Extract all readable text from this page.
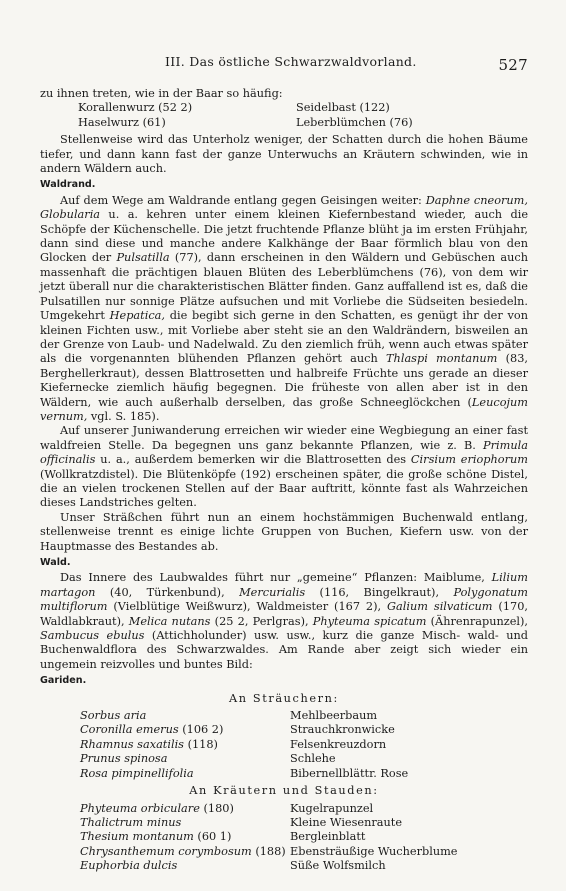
III. Das östliche Schwarzwaldvorland.	527

zu ihnen treten, wie in der Baar so häufig:

Korallenwurz (52 2)	Seidelbast (122)
Haselwurz (61)	Leberblümchen (76)

Stellenweise wird das Unterholz weniger, der Schatten durch die hohen Bäume tiefer, und dann kann fast der ganze Unterwuchs an Kräutern schwinden, wie in andern Wäldern auch.

Waldrand.

Auf dem Wege am Waldrande entlang gegen Geisingen weiter: Daphne cneorum, Globularia u. a. kehren unter einem kleinen Kiefernbestand wieder, auch die Schöpfe der Küchenschelle. Die jetzt fruchtende Pflanze blüht ja im ersten Frühjahr, dann sind diese und manche andere Kalkhänge der Baar förmlich blau von den Glocken der Pulsatilla (77), dann erscheinen in den Wäldern und Gebüschen auch massenhaft die prächtigen blauen Blüten des Leberblümchens (76), von dem wir jetzt überall nur die charakteristischen Blätter finden. Ganz auffallend ist es, daß die Pulsatillen nur sonnige Plätze aufsuchen und mit Vorliebe die Südseiten besiedeln. Umgekehrt Hepatica, die begibt sich gerne in den Schatten, es genügt ihr der von kleinen Fichten usw., mit Vorliebe aber steht sie an den Waldrändern, bisweilen an der Grenze von Laub- und Nadelwald. Zu den ziemlich früh, wenn auch etwas später als die vorgenannten blühenden Pflanzen gehört auch Thlaspi montanum (83, Berghellerkraut), dessen Blattrosetten und halbreife Früchte uns gerade an dieser Kiefernecke ziemlich häufig begegnen. Die früheste von allen aber ist in den Wäldern, wie auch außerhalb derselben, das große Schneeglöckchen (Leucojum vernum, vgl. S. 185).

Auf unserer Juniwanderung erreichen wir wieder eine Wegbiegung an einer fast waldfreien Stelle. Da begegnen uns ganz bekannte Pflanzen, wie z. B. Primula officinalis u. a., außerdem bemerken wir die Blattrosetten des Cirsium eriophorum (Wollkratzdistel). Die Blütenköpfe (192) erscheinen später, die große schöne Distel, die an vielen trockenen Stellen auf der Baar auftritt, könnte fast als Wahrzeichen dieses Landstriches gelten.

Unser Sträßchen führt nun an einem hochstämmigen Buchenwald entlang, stellenweise trennt es einige lichte Gruppen von Buchen, Kiefern usw. von der Hauptmasse des Bestandes ab.

Wald.

Das Innere des Laubwaldes führt nur „gemeine“ Pflanzen: Maiblume, Lilium martagon (40, Türkenbund), Mercurialis (116, Bingelkraut), Polygonatum multiflorum (Vielblütige Weißwurz), Waldmeister (167 2), Galium silvaticum (170, Waldlabkraut), Melica nutans (25 2, Perlgras), Phyteuma spicatum (Ährenrapunzel), Sambucus ebulus (Attichholunder) usw. usw., kurz die ganze Misch- wald- und Buchenwaldflora des Schwarzwaldes. Am Rande aber zeigt sich wieder ein ungemein reizvolles und buntes Bild:

Gariden.
An Sträuchern:
Sorbus aria	Mehlbeerbaum
Coronilla emerus (106 2)	Strauchkronwicke
Rhamnus saxatilis (118)	Felsenkreuzdorn
Prunus spinosa	Schlehe
Rosa pimpinellifolia	Bibernellblättr. Rose
An Kräutern und Stauden:
Phyteuma orbiculare (180)	Kugelrapunzel
Thalictrum minus	Kleine Wiesenraute
Thesium montanum (60 1)	Bergleinblatt
Chrysanthemum corymbosum (188) Ebensträußige Wucherblume
Euphorbia dulcis	Süße Wolfsmilch
